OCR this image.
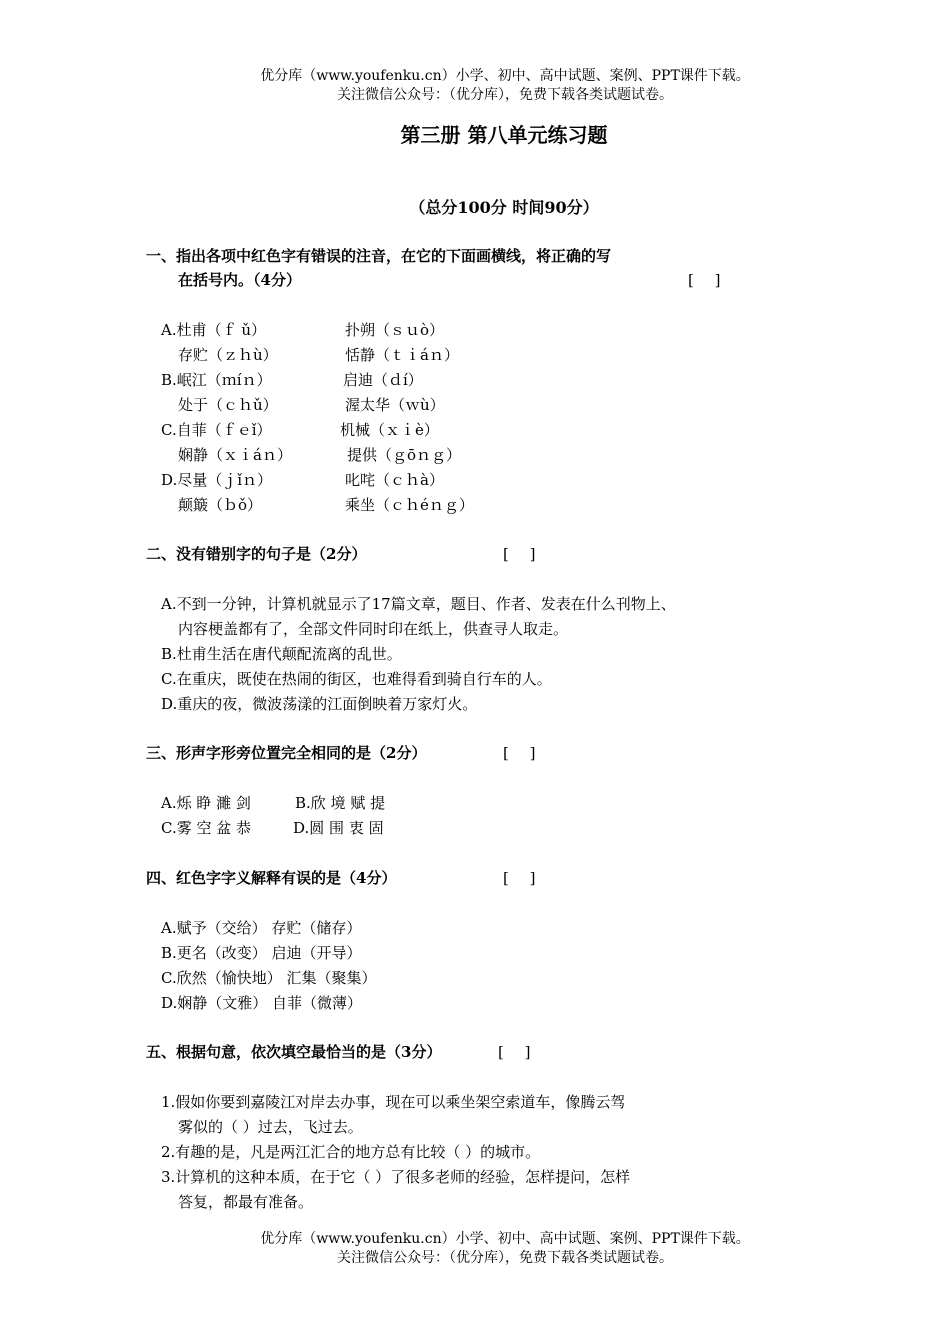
优分库（www.youfenku.cn）小学、初中、高中试题、案例、PPT课件下载。
关注微信公众号：（优分库），免费下载各类试题试卷。
第三册 第八单元练习题
（总分100分 时间90分）
一、指出各项中红色字有错误的注音，在它的下面画横线，将正确的写
在括号内。（4分）	[ ]
A.杜甫（ｆ ǔ）	扑朔（ｓｕò）
存贮（ｚｈù）	恬静（ｔｉáｎ）
B.岷江（ｍíｎ）	启迪（ｄí）
处于（ｃｈǔ）	渥太华（ｗù）
C.自菲（ｆｅǐ）	机械（ｘｉè）
娴静（ｘｉáｎ）	提供（ｇōｎｇ）
D.尽量（ｊǐｎ）	叱咤（ｃｈà）
颠簸（ｂǒ）	乘坐（ｃｈéｎｇ）
二、没有错别字的句子是（2分）	[ ]
A.不到一分钟，计算机就显示了17篇文章，题目、作者、发表在什么刊物上、
内容梗盖都有了，全部文件同时印在纸上，供查寻人取走。
B.杜甫生活在唐代颠配流离的乱世。
C.在重庆，既使在热闹的街区，也难得看到骑自行车的人。
D.重庆的夜，微波荡漾的江面倒映着万家灯火。
三、形声字形旁位置完全相同的是（2分）	[ ]
A.烁 睁 濉 剑	B.欣 境 赋 提
C.雾 空 盆 恭	D.圆 围 衷 固
四、红色字字义解释有误的是（4分）	[ ]
A.赋予（交给） 存贮（储存）
B.更名（改变） 启迪（开导）
C.欣然（愉快地） 汇集（聚集）
D.娴静（文雅） 自菲（微薄）
五、根据句意，依次填空最恰当的是（3分）	[ ]
1.假如你要到嘉陵江对岸去办事，现在可以乘坐架空索道车，像腾云驾
雾似的（ ）过去，飞过去。
2.有趣的是，凡是两江汇合的地方总有比较（ ）的城市。
3.计算机的这种本质，在于它（ ）了很多老师的经验，怎样提问，怎样
答复，都最有准备。
优分库（www.youfenku.cn）小学、初中、高中试题、案例、PPT课件下载。
关注微信公众号：（优分库），免费下载各类试题试卷。
